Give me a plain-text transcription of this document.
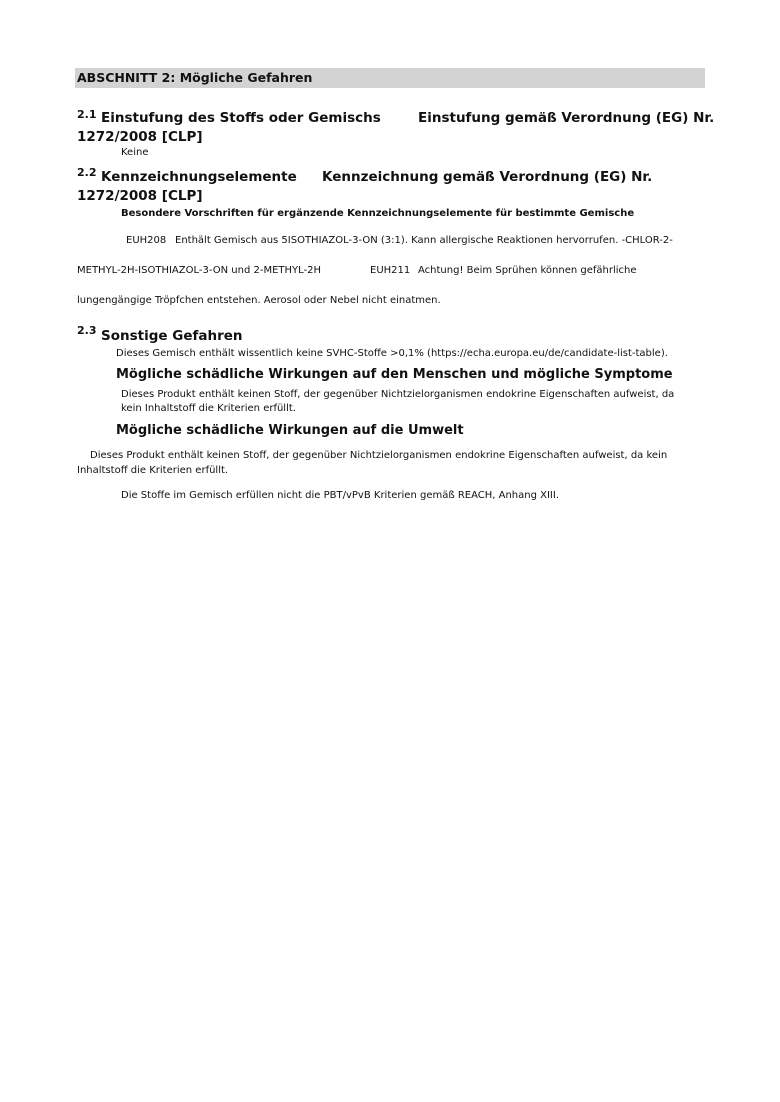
ABSCHNITT 2: Mögliche Gefahren
2.1 Einstufung des Stoffs oder Gemischs	Einstufung gemäß Verordnung (EG) Nr.
1272/2008 [CLP]
Keine
2.2 Kennzeichnungselemente Kennzeichnung gemäß Verordnung (EG) Nr.
1272/2008 [CLP]
Besondere Vorschriften für ergänzende Kennzeichnungselemente für bestimmte Gemische
EUH208 Enthält Gemisch aus 5ISOTHIAZOL-3-ON (3:1). Kann allergische Reaktionen hervorrufen. -CHLOR-2-
METHYL-2H-ISOTHIAZOL-3-ON und 2-METHYL-2H	EUH211 Achtung! Beim Sprühen können gefährliche
lungengängige Tröpfchen entstehen. Aerosol oder Nebel nicht einatmen.
2.3 Sonstige Gefahren
Dieses Gemisch enthält wissentlich keine SVHC-Stoffe >0,1% (https://echa.europa.eu/de/candidate-list-table).
Mögliche schädliche Wirkungen auf den Menschen und mögliche Symptome
Dieses Produkt enthält keinen Stoff, der gegenüber Nichtzielorganismen endokrine Eigenschaften aufweist, da kein Inhaltstoff die Kriterien erfüllt.
Mögliche schädliche Wirkungen auf die Umwelt
Dieses Produkt enthält keinen Stoff, der gegenüber Nichtzielorganismen endokrine Eigenschaften aufweist, da kein Inhaltstoff die Kriterien erfüllt.
Die Stoffe im Gemisch erfüllen nicht die PBT/vPvB Kriterien gemäß REACH, Anhang XIII.
